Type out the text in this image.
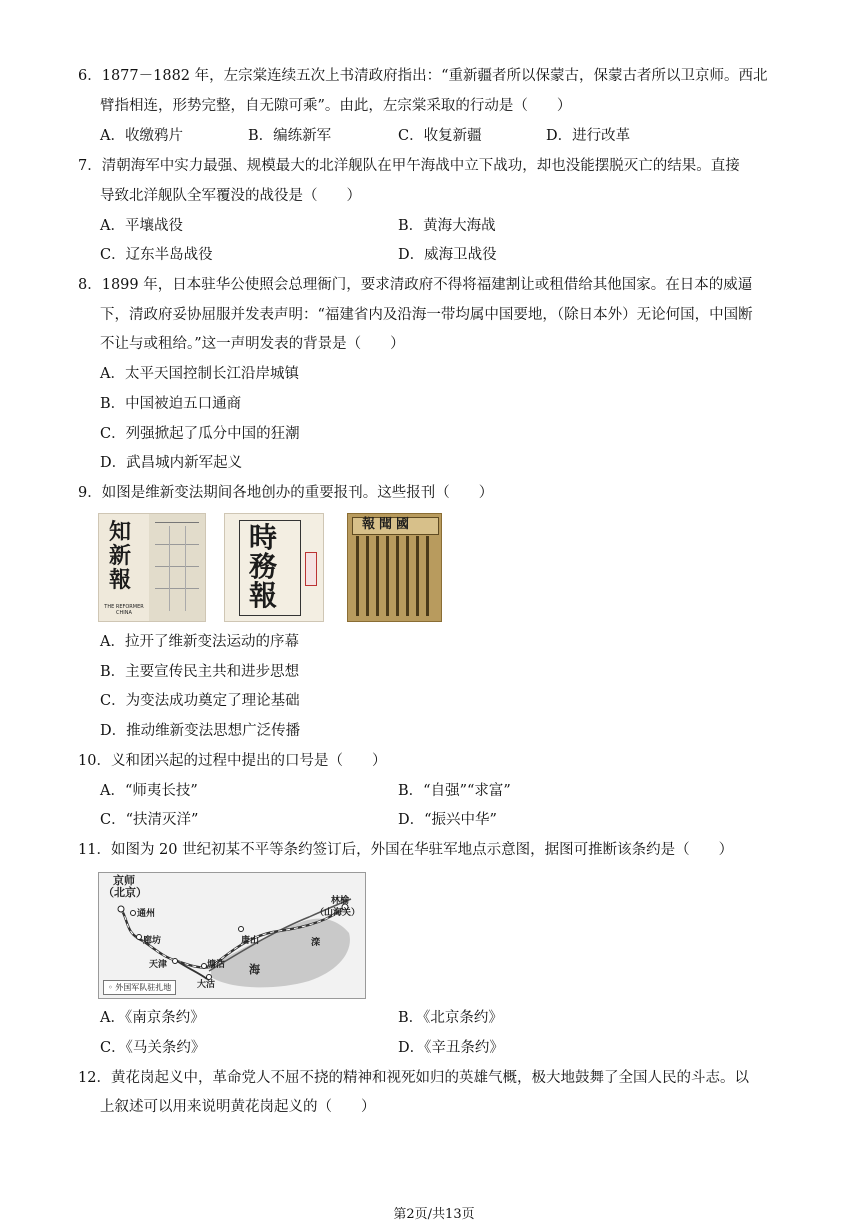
6．1877－1882 年，左宗棠连续五次上书清政府指出：“重新疆者所以保蒙古，保蒙古者所以卫京师。西北
臂指相连，形势完整，自无隙可乘”。由此，左宗棠采取的行动是（　　）
A．收缴鸦片	B．编练新军	C．收复新疆	D．进行改革
7．清朝海军中实力最强、规模最大的北洋舰队在甲午海战中立下战功，却也没能摆脱灭亡的结果。直接
导致北洋舰队全军覆没的战役是（　　）
A．平壤战役	B．黄海大海战
C．辽东半岛战役	D．威海卫战役
8．1899 年，日本驻华公使照会总理衙门，要求清政府不得将福建割让或租借给其他国家。在日本的威逼
下，清政府妥协屈服并发表声明：“福建省内及沿海一带均属中国要地，（除日本外）无论何国，中国断
不让与或租给。”这一声明发表的背景是（　　）
A．太平天国控制长江沿岸城镇
B．中国被迫五口通商
C．列强掀起了瓜分中国的狂潮
D．武昌城内新军起义
9．如图是维新变法期间各地创办的重要报刊。这些报刊（　　）
知新報
THE REFORMER CHINA
時務報
國聞報
A．拉开了维新变法运动的序幕
B．主要宣传民主共和进步思想
C．为变法成功奠定了理论基础
D．推动维新变法思想广泛传播
10．义和团兴起的过程中提出的口号是（　　）
A．“师夷长技”	B．“自强”“求富”
C．“扶清灭洋”	D．“振兴中华”
11．如图为 20 世纪初某不平等条约签订后，外国在华驻军地点示意图，据图可推断该条约是（　　）
京师
（北京）
通州
廊坊	唐山
天津	塘沽
大沽
海
林榆
（山海关）
滦
◦ 外国军队驻扎地
A．《南京条约》	B．《北京条约》
C．《马关条约》	D．《辛丑条约》
12．黄花岗起义中，革命党人不屈不挠的精神和视死如归的英雄气概，极大地鼓舞了全国人民的斗志。以
上叙述可以用来说明黄花岗起义的（　　）
第2页/共13页
